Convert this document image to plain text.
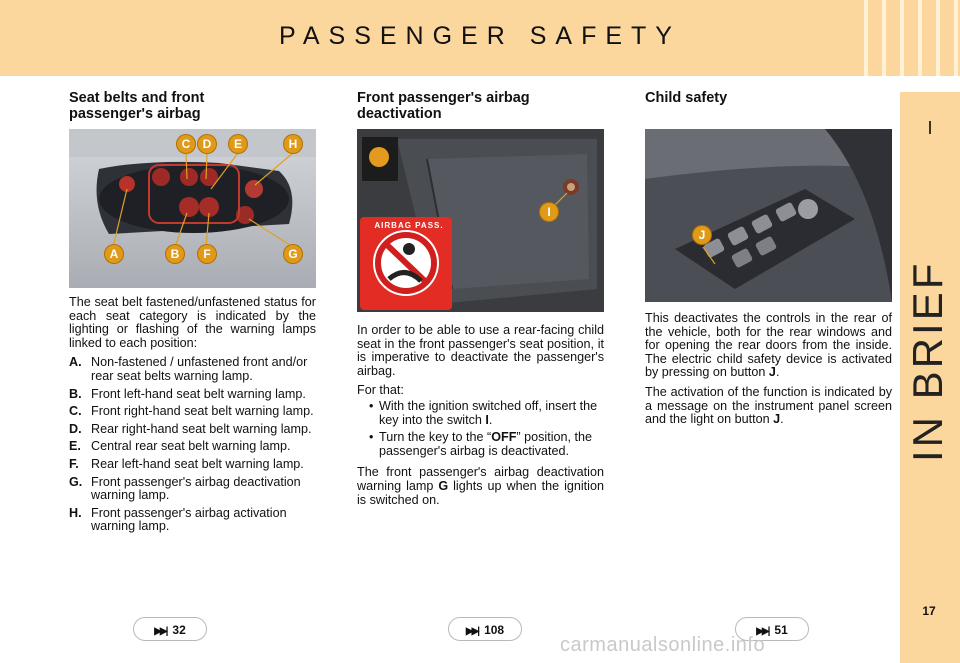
PASSENGER SAFETY
I
IN BRIEF
17
Seat belts and front passenger's airbag
C	D	E	H
A	B	F	G

The seat belt fastened/unfastened status for each seat category is indicated by the lighting or flashing of the warning lamps linked to each position:

A. Non-fastened / unfastened front and/or rear seat belts warning lamp.
B. Front left-hand seat belt warning lamp.
C. Front right-hand seat belt warning lamp.
D. Rear right-hand seat belt warning lamp.
E. Central rear seat belt warning lamp.
F. Rear left-hand seat belt warning lamp.
G. Front passenger's airbag deactivation warning lamp.
H. Front passenger's airbag activation warning lamp.
▶▶| 32
Front passenger's airbag deactivation
AIRBAG PASS.
I

In order to be able to use a rear-facing child seat in the front passenger's seat position, it is imperative to deactivate the passenger's airbag.

For that:

• With the ignition switched off, insert the key into the switch I.
• Turn the key to the “OFF” position, the passenger's airbag is deactivated.

The front passenger's airbag deactivation warning lamp G lights up when the ignition is switched on.

▶▶| 108
Child safety
J

This deactivates the controls in the rear of the vehicle, both for the rear windows and for opening the rear doors from the inside. The electric child safety device is activated by pressing on button J.

The activation of the function is indicated by a message on the instrument panel screen and the light on button J.

▶▶| 51
carmanualsonline.info
